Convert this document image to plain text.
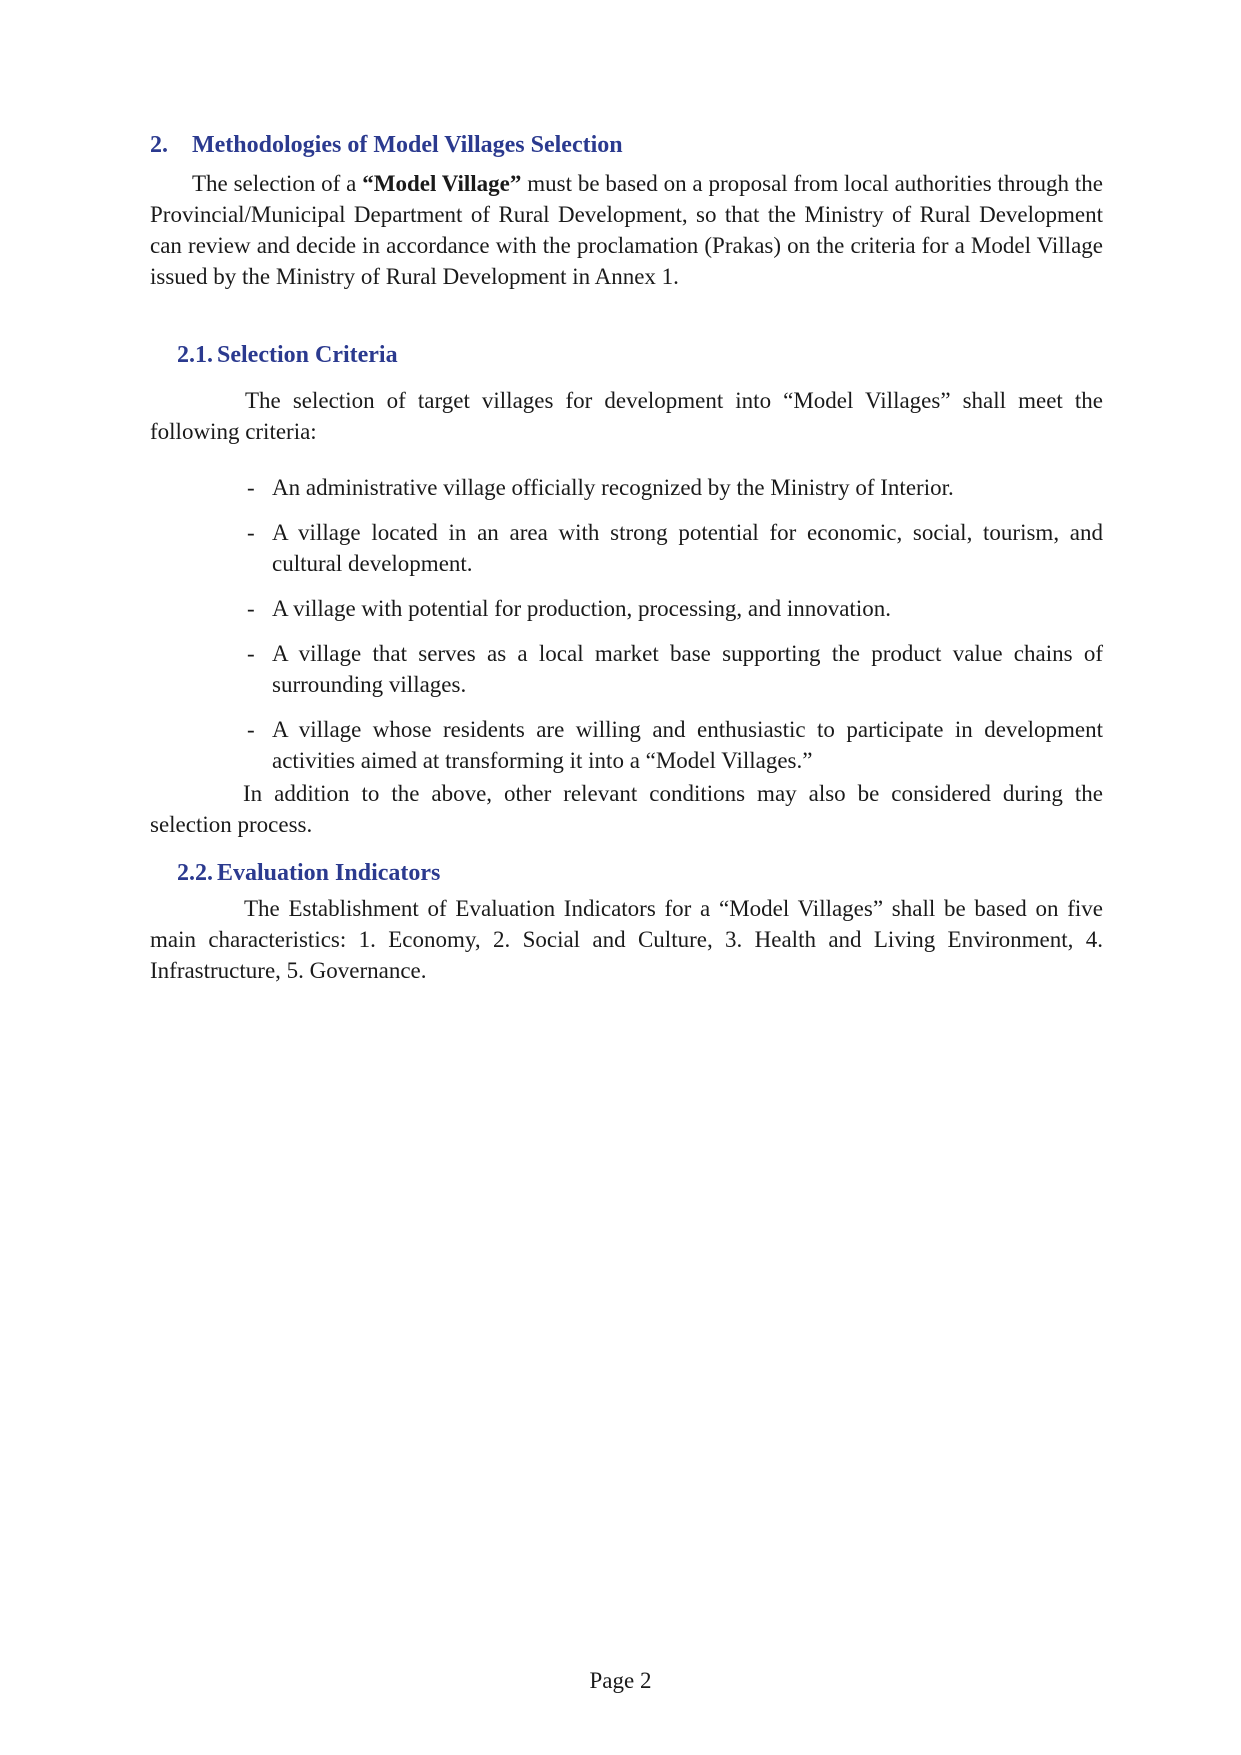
2. Methodologies of Model Villages Selection

The selection of a “Model Village” must be based on a proposal from local authorities through the Provincial/Municipal Department of Rural Development, so that the Ministry of Rural Development can review and decide in accordance with the proclamation (Prakas) on the criteria for a Model Village issued by the Ministry of Rural Development in Annex 1.

2.1. Selection Criteria

The selection of target villages for development into “Model Villages” shall meet the following criteria:

- An administrative village officially recognized by the Ministry of Interior.
- A village located in an area with strong potential for economic, social, tourism, and cultural development.
- A village with potential for production, processing, and innovation.
- A village that serves as a local market base supporting the product value chains of surrounding villages.
- A village whose residents are willing and enthusiastic to participate in development activities aimed at transforming it into a “Model Villages.”

In addition to the above, other relevant conditions may also be considered during the selection process.

2.2. Evaluation Indicators

The Establishment of Evaluation Indicators for a “Model Villages” shall be based on five main characteristics: 1. Economy, 2. Social and Culture, 3. Health and Living Environment, 4. Infrastructure, 5. Governance.

Page 2
